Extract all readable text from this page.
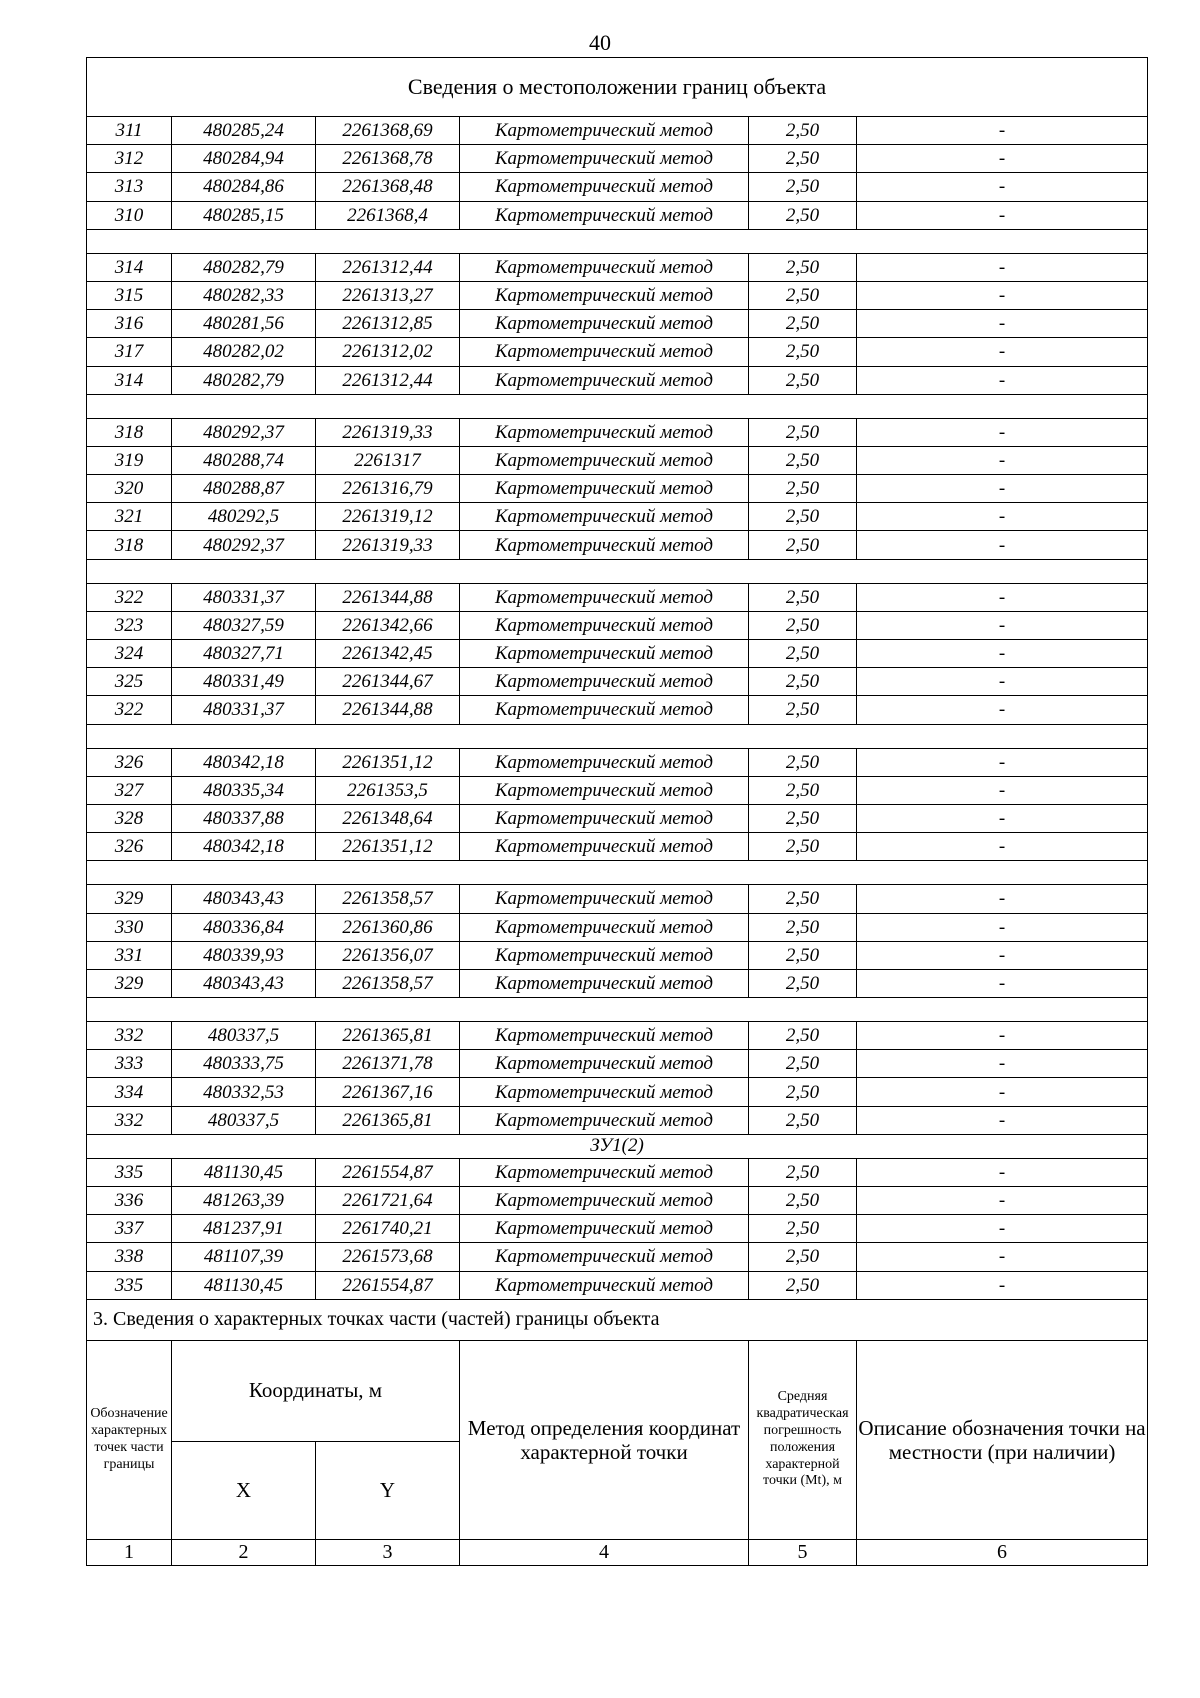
40
Сведения о местоположении границ объекта					
311	480285,24	2261368,69	Картометрический метод	2,50	-
312	480284,94	2261368,78	Картометрический метод	2,50	-
313	480284,86	2261368,48	Картометрический метод	2,50	-
310	480285,15	2261368,4	Картометрический метод	2,50	-

314	480282,79	2261312,44	Картометрический метод	2,50	-
315	480282,33	2261313,27	Картометрический метод	2,50	-
316	480281,56	2261312,85	Картометрический метод	2,50	-
317	480282,02	2261312,02	Картометрический метод	2,50	-
314	480282,79	2261312,44	Картометрический метод	2,50	-

318	480292,37	2261319,33	Картометрический метод	2,50	-
319	480288,74	2261317	Картометрический метод	2,50	-
320	480288,87	2261316,79	Картометрический метод	2,50	-
321	480292,5	2261319,12	Картометрический метод	2,50	-
318	480292,37	2261319,33	Картометрический метод	2,50	-

322	480331,37	2261344,88	Картометрический метод	2,50	-
323	480327,59	2261342,66	Картометрический метод	2,50	-
324	480327,71	2261342,45	Картометрический метод	2,50	-
325	480331,49	2261344,67	Картометрический метод	2,50	-
322	480331,37	2261344,88	Картометрический метод	2,50	-

326	480342,18	2261351,12	Картометрический метод	2,50	-
327	480335,34	2261353,5	Картометрический метод	2,50	-
328	480337,88	2261348,64	Картометрический метод	2,50	-
326	480342,18	2261351,12	Картометрический метод	2,50	-

329	480343,43	2261358,57	Картометрический метод	2,50	-
330	480336,84	2261360,86	Картометрический метод	2,50	-
331	480339,93	2261356,07	Картометрический метод	2,50	-
329	480343,43	2261358,57	Картометрический метод	2,50	-

332	480337,5	2261365,81	Картометрический метод	2,50	-
333	480333,75	2261371,78	Картометрический метод	2,50	-
334	480332,53	2261367,16	Картометрический метод	2,50	-
332	480337,5	2261365,81	Картометрический метод	2,50	-
ЗУ1(2)					
335	481130,45	2261554,87	Картометрический метод	2,50	-
336	481263,39	2261721,64	Картометрический метод	2,50	-
337	481237,91	2261740,21	Картометрический метод	2,50	-
338	481107,39	2261573,68	Картометрический метод	2,50	-
335	481130,45	2261554,87	Картометрический метод	2,50	-
3. Сведения о характерных точках части (частей) границы объекта					
Обозначение характерных точек части границы	Координаты, м		Метод определения координат характерной точки	Средняя квадратическая погрешность положения характерной точки (Mt), м	Описание обозначения точки на местности (при наличии)
	X	Y			
1	2	3	4	5	6
